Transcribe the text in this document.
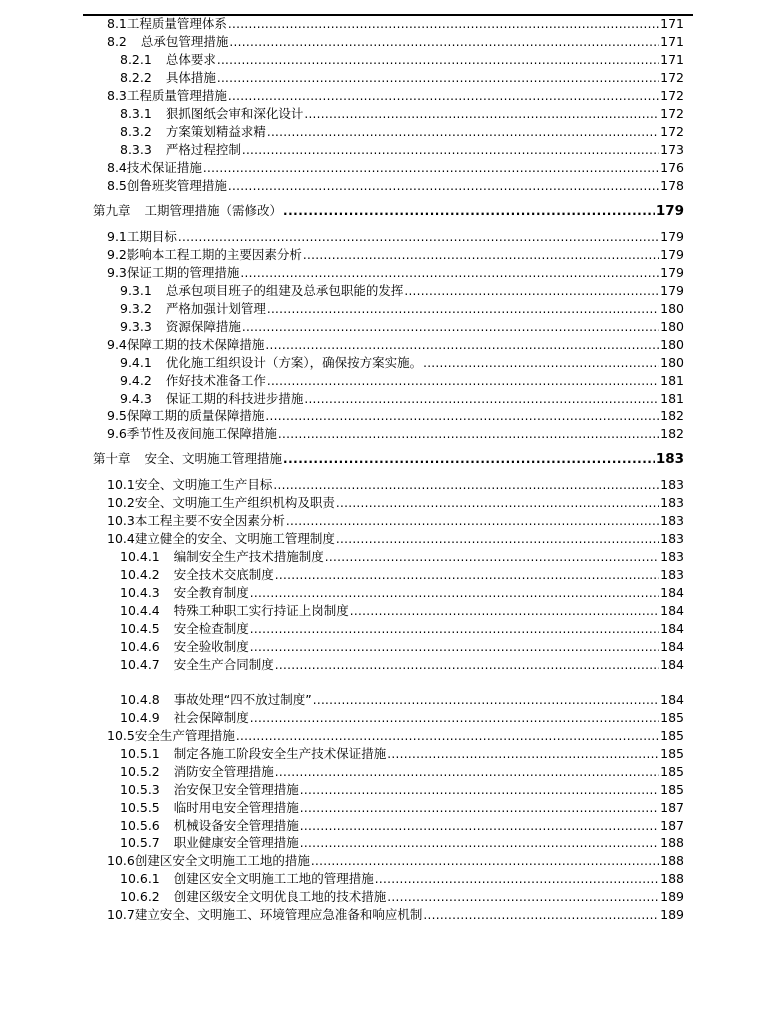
8.1工程质量管理体系 .....	171
8.2 总承包管理措施 .....	171
8.2.1 总体要求 .....	171
8.2.2 具体措施 .....	172
8.3工程质量管理措施 .....	172
8.3.1 狠抓图纸会审和深化设计 .....	172
8.3.2 方案策划精益求精 .....	172
8.3.3 严格过程控制 .....	173
8.4技术保证措施 .....	176
8.5创鲁班奖管理措施 .....	178
第九章 工期管理措施（需修改） .....	179
9.1工期目标 .....	179
9.2影响本工程工期的主要因素分析 .....	179
9.3保证工期的管理措施 .....	179
9.3.1 总承包项目班子的组建及总承包职能的发挥 .....	179
9.3.2 严格加强计划管理 .....	180
9.3.3 资源保障措施 .....	180
9.4保障工期的技术保障措施 .....	180
9.4.1 优化施工组织设计（方案），确保按方案实施。 .....	180
9.4.2 作好技术准备工作 .....	181
9.4.3 保证工期的科技进步措施 .....	181
9.5保障工期的质量保障措施 .....	182
9.6季节性及夜间施工保障措施 .....	182
第十章 安全、文明施工管理措施 .....	183
10.1安全、文明施工生产目标 .....	183
10.2安全、文明施工生产组织机构及职责 .....	183
10.3本工程主要不安全因素分析 .....	183
10.4建立健全的安全、文明施工管理制度 .....	183
10.4.1 编制安全生产技术措施制度 .....	183
10.4.2 安全技术交底制度 .....	183
10.4.3 安全教育制度 .....	184
10.4.4 特殊工种职工实行持证上岗制度 .....	184
10.4.5 安全检查制度 .....	184
10.4.6 安全验收制度 .....	184
10.4.7 安全生产合同制度 .....	184
10.4.8 事故处理“四不放过制度” .....	184
10.4.9 社会保障制度 .....	185
10.5安全生产管理措施 .....	185
10.5.1 制定各施工阶段安全生产技术保证措施 .....	185
10.5.2 消防安全管理措施 .....	185
10.5.3 治安保卫安全管理措施 .....	185
10.5.5 临时用电安全管理措施 .....	187
10.5.6 机械设备安全管理措施 .....	187
10.5.7 职业健康安全管理措施 .....	188
10.6创建区安全文明施工工地的措施 .....	188
10.6.1 创建区安全文明施工工地的管理措施 .....	188
10.6.2 创建区级安全文明优良工地的技术措施 .....	189
10.7建立安全、文明施工、环境管理应急准备和响应机制 .....	189
